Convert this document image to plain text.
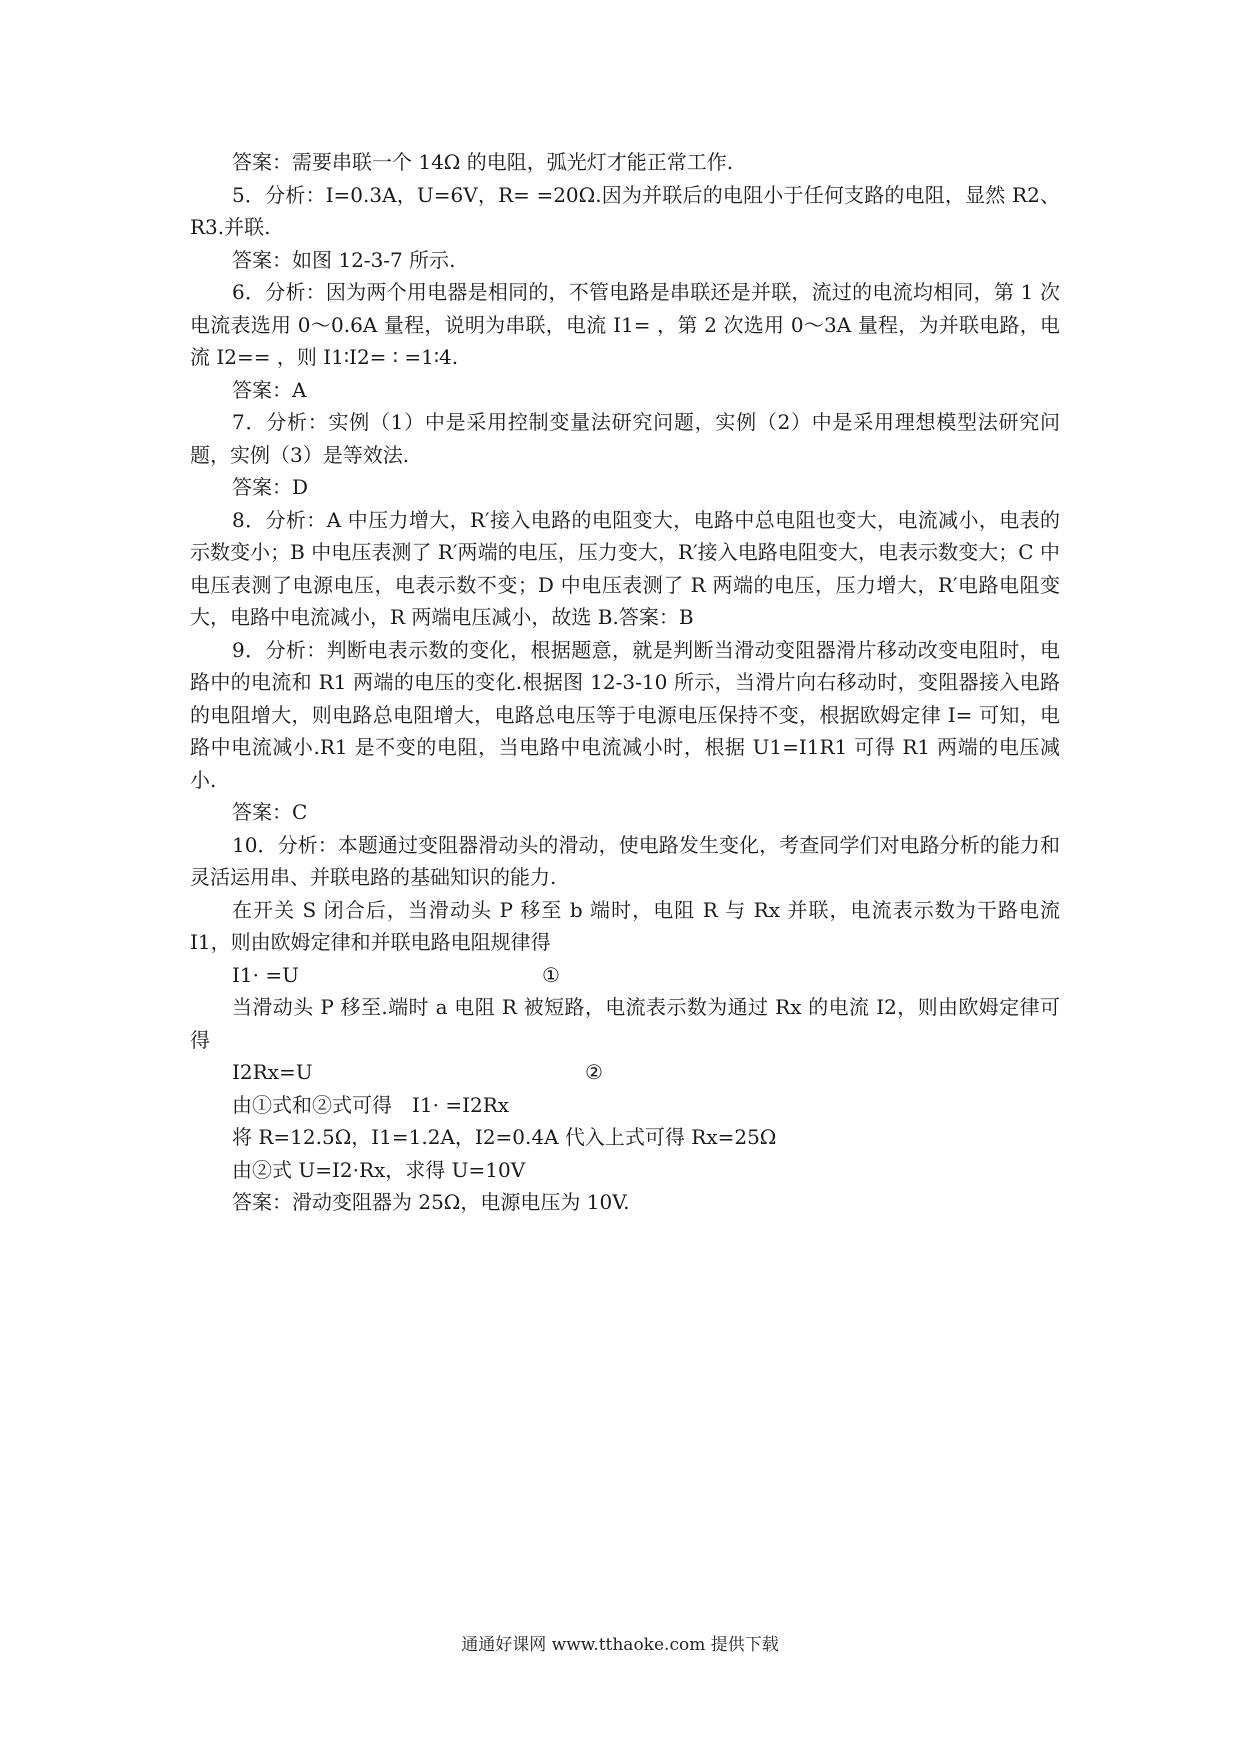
答案：需要串联一个 14Ω 的电阻，弧光灯才能正常工作.

5．分析：I=0.3A，U=6V，R= =20Ω.因为并联后的电阻小于任何支路的电阻，显然 R2、R3.并联.

答案：如图 12-3-7 所示.

6．分析：因为两个用电器是相同的，不管电路是串联还是并联，流过的电流均相同，第 1 次电流表选用 0～0.6A 量程，说明为串联，电流 I1= ，第 2 次选用 0～3A 量程，为并联电路，电流 I2== ，则 I1∶I2= ∶ =1∶4.

答案：A

7．分析：实例（1）中是采用控制变量法研究问题，实例（2）中是采用理想模型法研究问题，实例（3）是等效法.

答案：D

8．分析：A 中压力增大，R′接入电路的电阻变大，电路中总电阻也变大，电流减小，电表的示数变小；B 中电压表测了 R′两端的电压，压力变大，R′接入电路电阻变大，电表示数变大；C 中电压表测了电源电压，电表示数不变；D 中电压表测了 R 两端的电压，压力增大，R′电路电阻变大，电路中电流减小，R 两端电压减小，故选 B.答案：B

9．分析：判断电表示数的变化，根据题意，就是判断当滑动变阻器滑片移动改变电阻时，电路中的电流和 R1 两端的电压的变化.根据图 12-3-10 所示，当滑片向右移动时，变阻器接入电路的电阻增大，则电路总电阻增大，电路总电压等于电源电压保持不变，根据欧姆定律 I= 可知，电路中电流减小.R1 是不变的电阻，当电路中电流减小时，根据 U1=I1R1 可得 R1 两端的电压减小.

答案：C

10．分析：本题通过变阻器滑动头的滑动，使电路发生变化，考查同学们对电路分析的能力和灵活运用串、并联电路的基础知识的能力.

在开关 S 闭合后，当滑动头 P 移至 b 端时，电阻 R 与 Rx 并联，电流表示数为干路电流 I1，则由欧姆定律和并联电路电阻规律得

I1· =U	①

当滑动头 P 移至.端时 a 电阻 R 被短路，电流表示数为通过 Rx 的电流 I2，则由欧姆定律可得

I2Rx=U	②

由①式和②式可得　I1· =I2Rx

将 R=12.5Ω，I1=1.2A，I2=0.4A 代入上式可得 Rx=25Ω

由②式 U=I2·Rx，求得 U=10V

答案：滑动变阻器为 25Ω，电源电压为 10V.

通通好课网 www.tthaoke.com 提供下载
